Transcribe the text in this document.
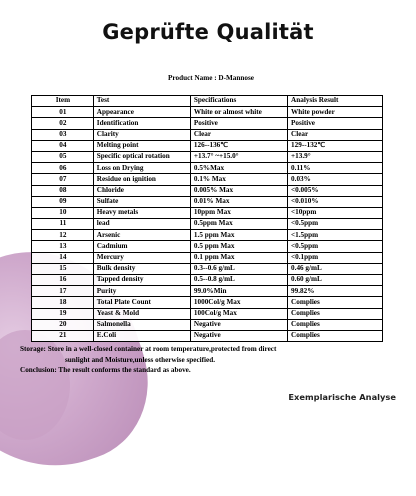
Geprüfte Qualität
Product Name : D-Mannose
Item	Test	Specifications	Analysis Result
01	Appearance	White or almost white	White powder
02	Identification	Positive	Positive
03	Clarity	Clear	Clear
04	Melting point	126--136℃	129--132℃
05	Specific optical rotation	+13.7° ~+15.0°	+13.9°
06	Loss on Drying	0.5%Max	0.11%
07	Residue on ignition	0.1% Max	0.03%
08	Chloride	0.005% Max	<0.005%
09	Sulfate	0.01% Max	<0.010%
10	Heavy metals	10ppm Max	<10ppm
11	lead	0.5ppm Max	<0.5ppm
12	Arsenic	1.5 ppm Max	<1.5ppm
13	Cadmium	0.5 ppm Max	<0.5ppm
14	Mercury	0.1 ppm Max	<0.1ppm
15	Bulk density	0.3--0.6 g/mL	0.46 g/mL
16	Tapped density	0.5--0.8 g/mL	0.60 g/mL
17	Purity	99.0%Min	99.82%
18	Total Plate Count	1000Col/g Max	Complies
19	Yeast & Mold	100Col/g Max	Complies
20	Salmonella	Negative	Complies
21	E.Coli	Negative	Complies
Storage: Store in a well-closed container at room temperature,protected from direct
sunlight and Moisture,unless otherwise specified.
Conclusion: The result conforms the standard as above.
Exemplarische Analyse
